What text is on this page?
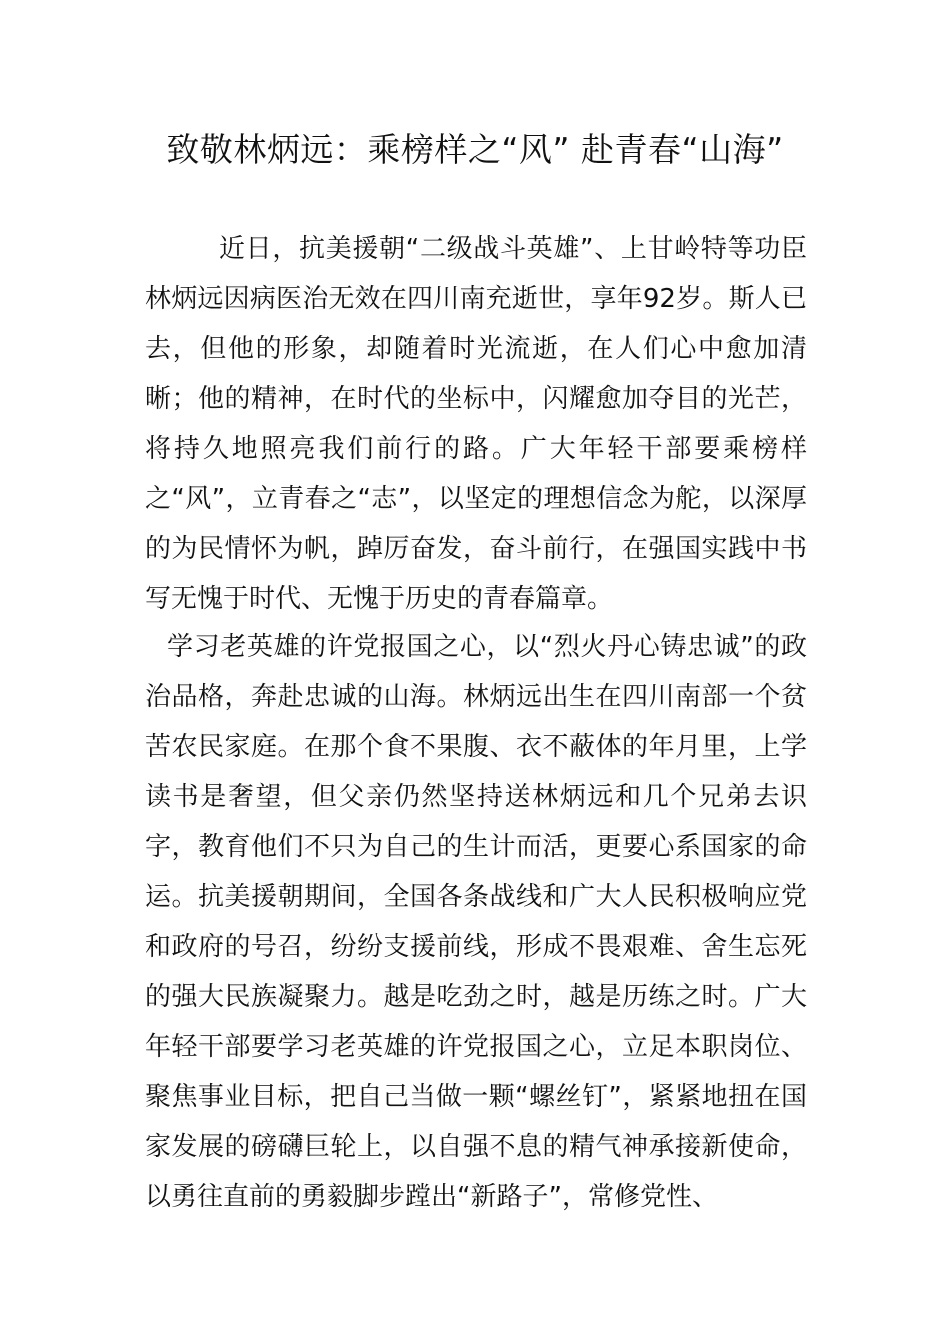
致敬林炳远：乘榜样之“风” 赴青春“山海”

近日，抗美援朝“二级战斗英雄”、上甘岭特等功臣林炳远因病医治无效在四川南充逝世，享年92岁。斯人已去，但他的形象，却随着时光流逝，在人们心中愈加清晰；他的精神，在时代的坐标中，闪耀愈加夺目的光芒，将持久地照亮我们前行的路。广大年轻干部要乘榜样之“风”，立青春之“志”，以坚定的理想信念为舵，以深厚的为民情怀为帆，踔厉奋发，奋斗前行，在强国实践中书写无愧于时代、无愧于历史的青春篇章。

学习老英雄的许党报国之心，以“烈火丹心铸忠诚”的政治品格，奔赴忠诚的山海。林炳远出生在四川南部一个贫苦农民家庭。在那个食不果腹、衣不蔽体的年月里，上学读书是奢望，但父亲仍然坚持送林炳远和几个兄弟去识字，教育他们不只为自己的生计而活，更要心系国家的命运。抗美援朝期间，全国各条战线和广大人民积极响应党和政府的号召，纷纷支援前线，形成不畏艰难、舍生忘死的强大民族凝聚力。越是吃劲之时，越是历练之时。广大年轻干部要学习老英雄的许党报国之心，立足本职岗位、聚焦事业目标，把自己当做一颗“螺丝钉”，紧紧地扭在国家发展的磅礴巨轮上，以自强不息的精气神承接新使命，以勇往直前的勇毅脚步蹚出“新路子”，常修党性、
